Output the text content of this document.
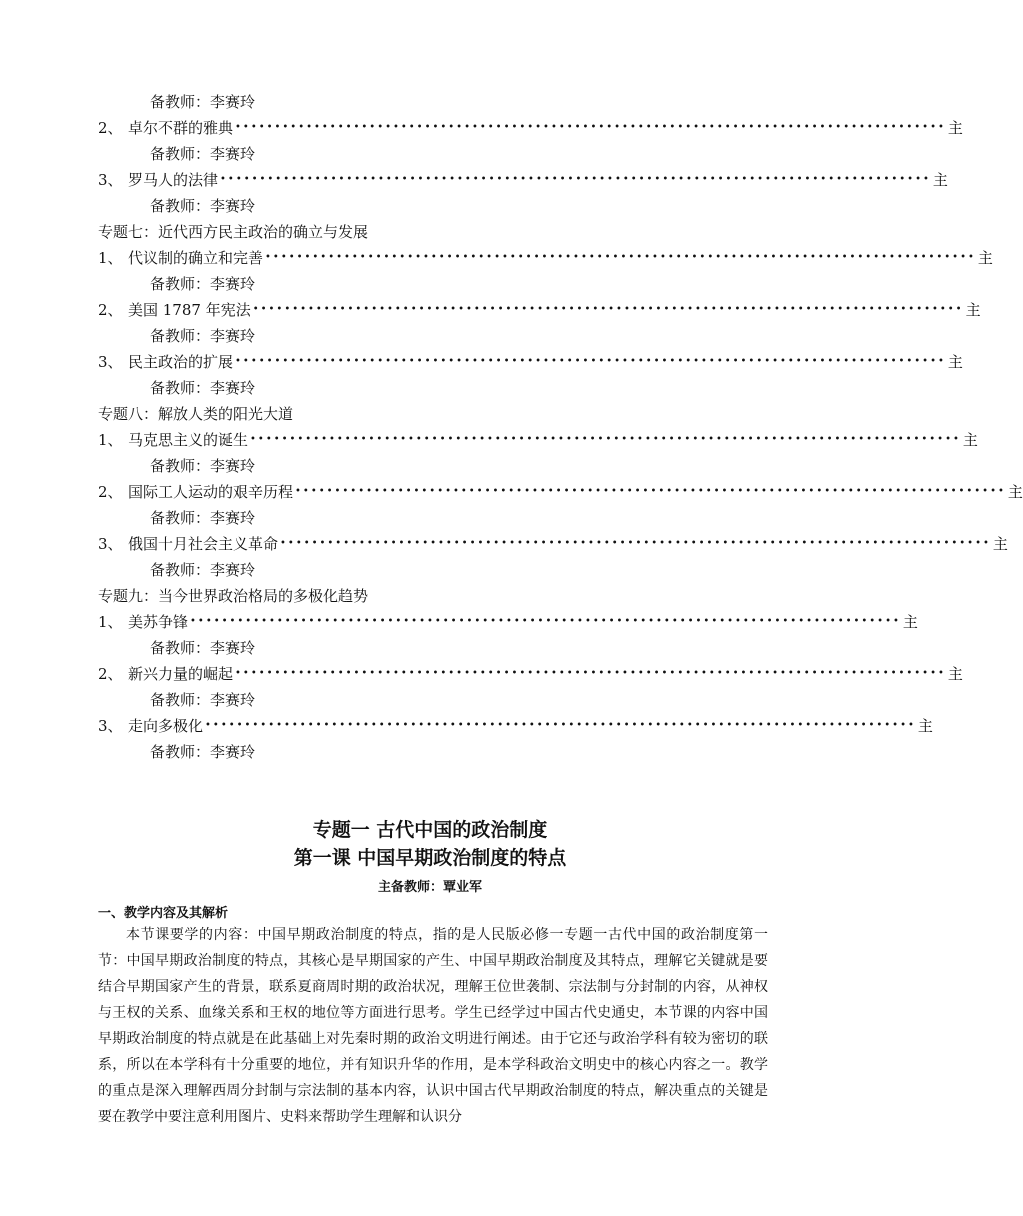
备教师：李赛玲
2、 卓尔不群的雅典 •••••••••••••••••••••••••••••••••••••••••••••••••••••••••••••••••••••••••••••••••••••••••• 主
备教师：李赛玲
3、 罗马人的法律 •••••••••••••••••••••••••••••••••••••••••••••••••••••••••••••••••••••••••••••••••••••••••• 主
备教师：李赛玲
专题七：近代西方民主政治的确立与发展
1、 代议制的确立和完善 •••••••••••••••••••••••••••••••••••••••••••••••••••••••••••••••••••••••••••••••••••••••••• 主
备教师：李赛玲
2、 美国 1787 年宪法 •••••••••••••••••••••••••••••••••••••••••••••••••••••••••••••••••••••••••••••••••••••••••• 主
备教师：李赛玲
3、 民主政治的扩展 •••••••••••••••••••••••••••••••••••••••••••••••••••••••••••••••••••••••••••••••••••••••••• 主
备教师：李赛玲
专题八：解放人类的阳光大道
1、 马克思主义的诞生 •••••••••••••••••••••••••••••••••••••••••••••••••••••••••••••••••••••••••••••••••••••••••• 主
备教师：李赛玲
2、 国际工人运动的艰辛历程 •••••••••••••••••••••••••••••••••••••••••••••••••••••••••••••••••••••••••••••••••••••••••• 主
备教师：李赛玲
3、 俄国十月社会主义革命 •••••••••••••••••••••••••••••••••••••••••••••••••••••••••••••••••••••••••••••••••••••••••• 主
备教师：李赛玲
专题九：当今世界政治格局的多极化趋势
1、 美苏争锋 •••••••••••••••••••••••••••••••••••••••••••••••••••••••••••••••••••••••••••••••••••••••••• 主
备教师：李赛玲
2、 新兴力量的崛起 •••••••••••••••••••••••••••••••••••••••••••••••••••••••••••••••••••••••••••••••••••••••••• 主
备教师：李赛玲
3、 走向多极化 •••••••••••••••••••••••••••••••••••••••••••••••••••••••••••••••••••••••••••••••••••••••••• 主
备教师：李赛玲
专题一 古代中国的政治制度
第一课 中国早期政治制度的特点
主备教师：覃业军
一、教学内容及其解析
本节课要学的内容：中国早期政治制度的特点，指的是人民版必修一专题一古代中国的政治制度第一节：中国早期政治制度的特点，其核心是早期国家的产生、中国早期政治制度及其特点，理解它关键就是要结合早期国家产生的背景，联系夏商周时期的政治状况，理解王位世袭制、宗法制与分封制的内容，从神权与王权的关系、血缘关系和王权的地位等方面进行思考。学生已经学过中国古代史通史，本节课的内容中国早期政治制度的特点就是在此基础上对先秦时期的政治文明进行阐述。由于它还与政治学科有较为密切的联系，所以在本学科有十分重要的地位，并有知识升华的作用，是本学科政治文明史中的核心内容之一。教学的重点是深入理解西周分封制与宗法制的基本内容，认识中国古代早期政治制度的特点，解决重点的关键是要在教学中要注意利用图片、史料来帮助学生理解和认识分
